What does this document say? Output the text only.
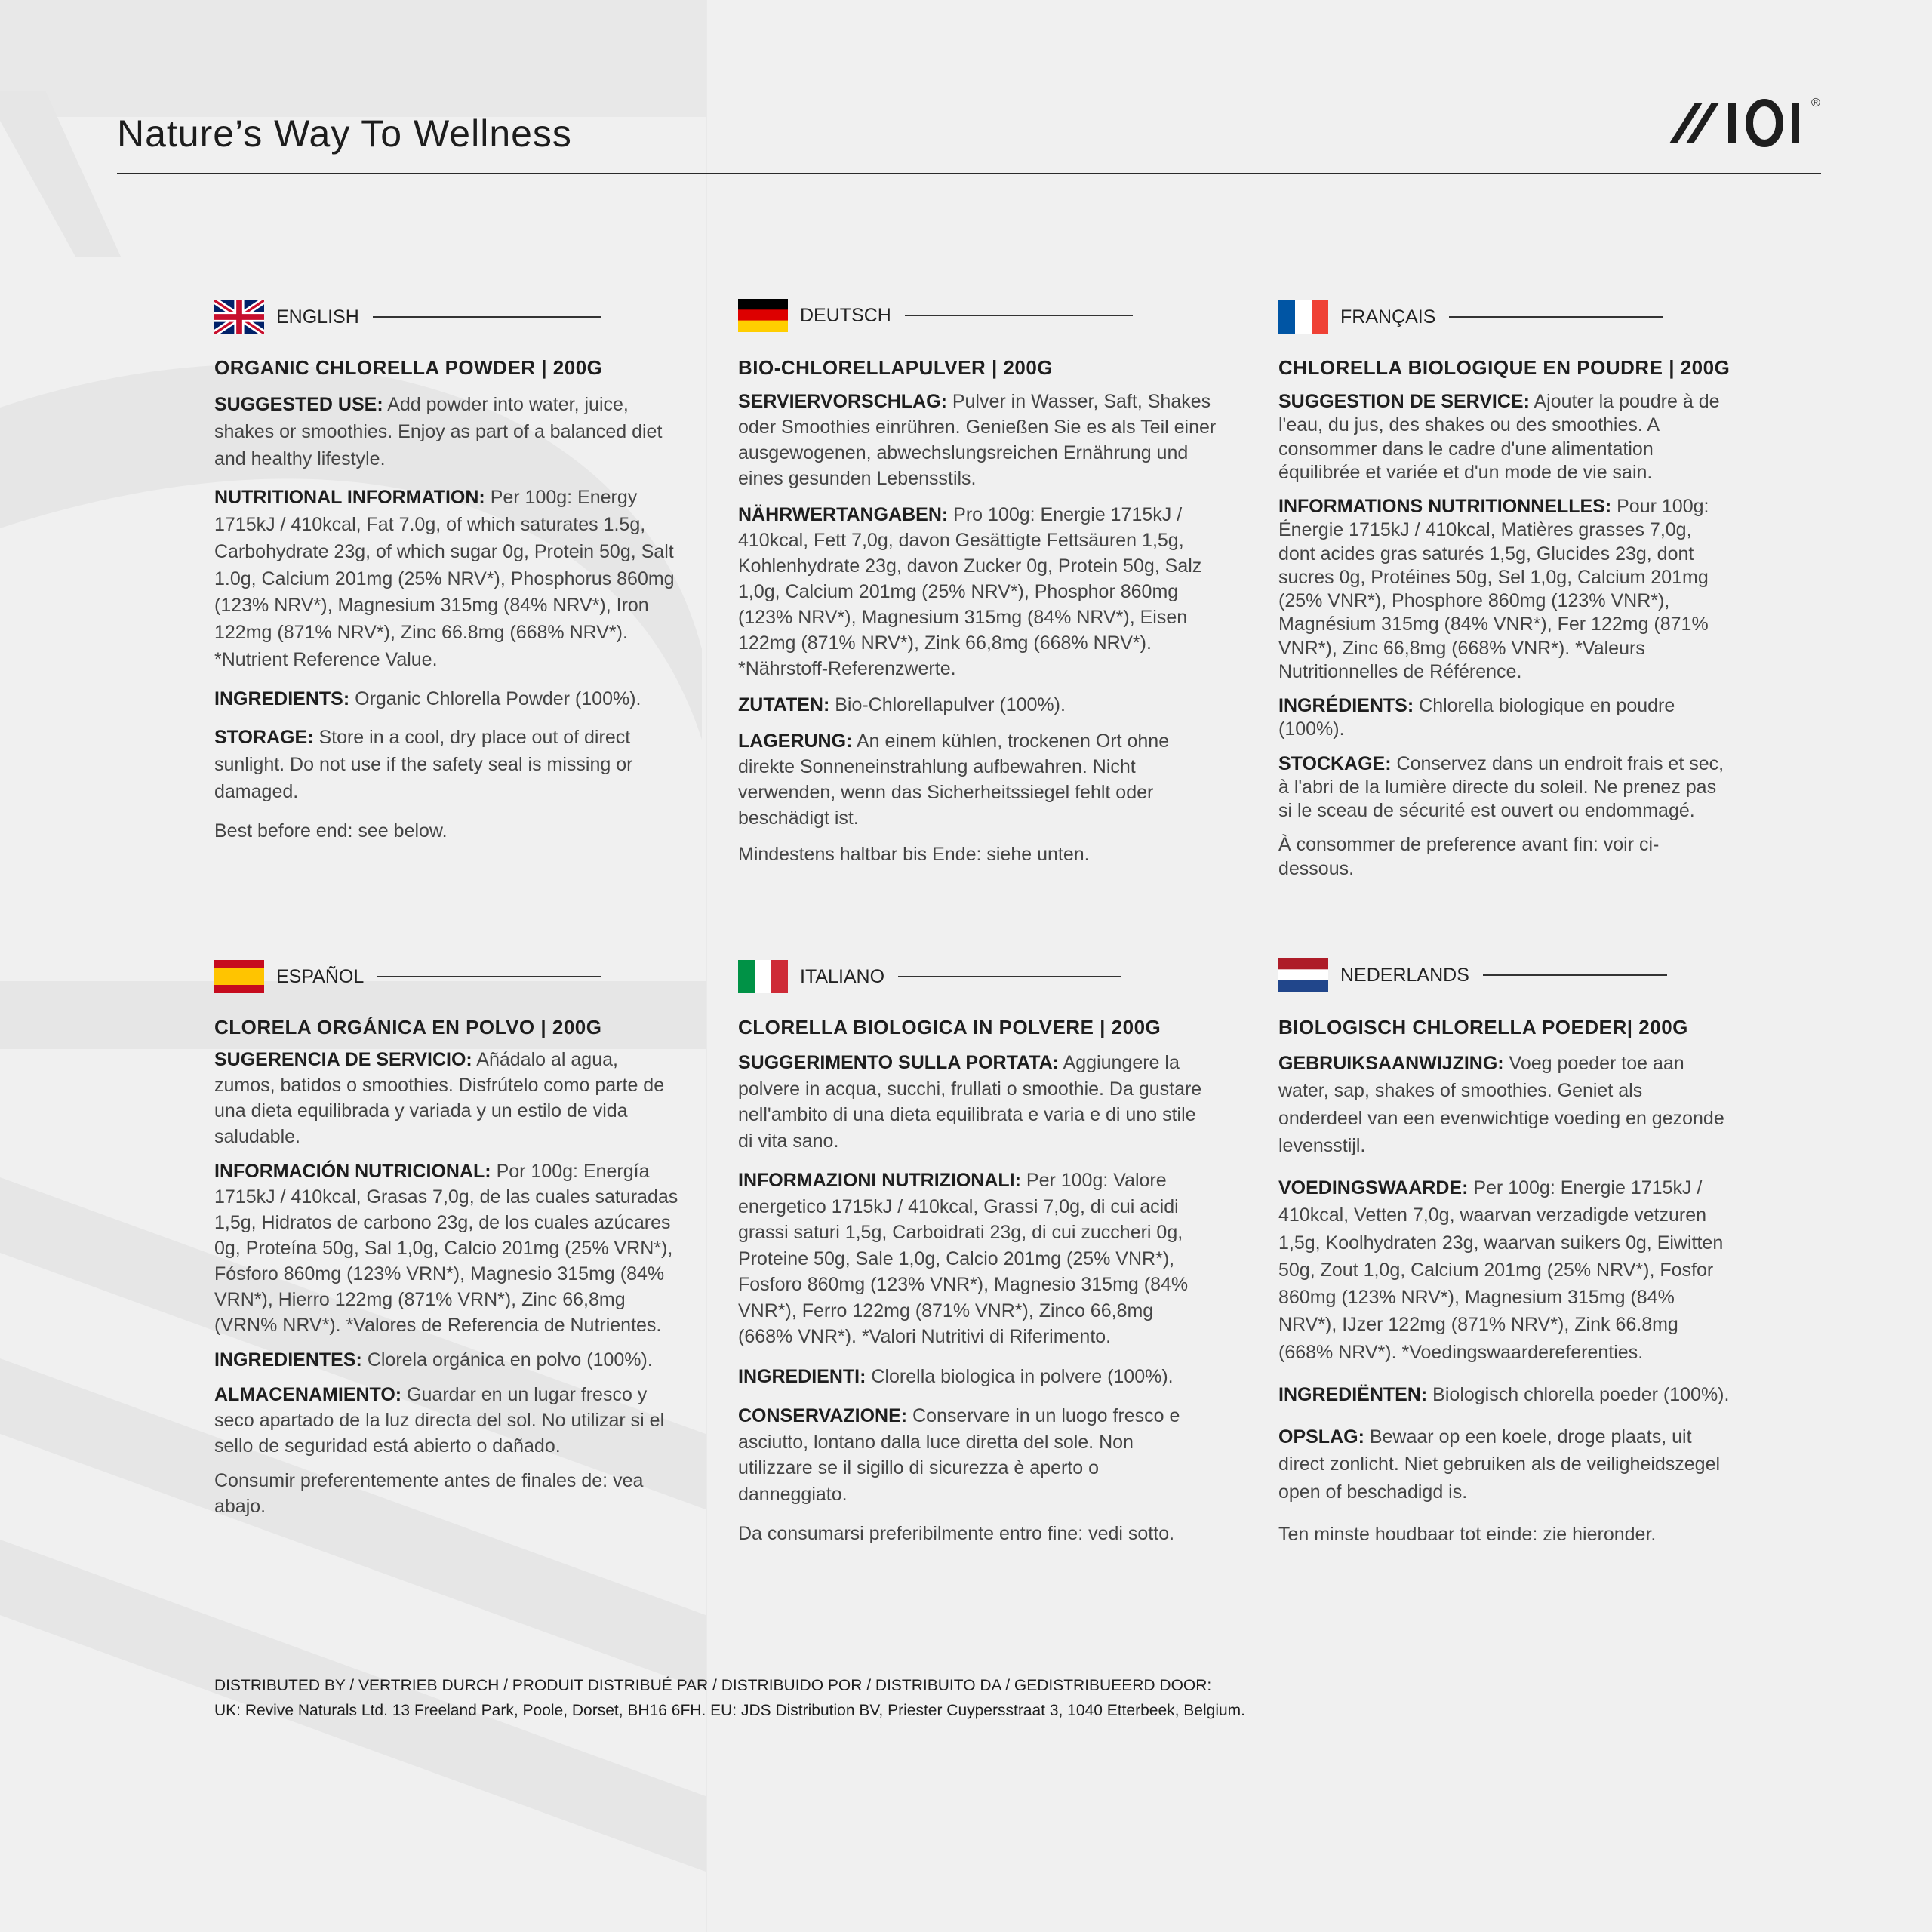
Nature’s Way To Wellness
®
ENGLISH
ORGANIC CHLORELLA POWDER | 200G

SUGGESTED USE: Add powder into water, juice, shakes or smoothies. Enjoy as part of a balanced diet and healthy lifestyle.

NUTRITIONAL INFORMATION: Per 100g: Energy 1715kJ / 410kcal, Fat 7.0g, of which saturates 1.5g, Carbohydrate 23g, of which sugar 0g, Protein 50g, Salt 1.0g, Calcium 201mg (25% NRV*), Phosphorus 860mg (123% NRV*), Magnesium 315mg (84% NRV*), Iron 122mg (871% NRV*), Zinc 66.8mg (668% NRV*). *Nutrient Reference Value.

INGREDIENTS: Organic Chlorella Powder (100%).

STORAGE: Store in a cool, dry place out of direct sunlight. Do not use if the safety seal is missing or damaged.

Best before end: see below.

DEUTSCH
BIO-CHLORELLAPULVER | 200G

SERVIERVORSCHLAG: Pulver in Wasser, Saft, Shakes oder Smoothies einrühren. Genießen Sie es als Teil einer ausgewogenen, abwechslungsreichen Ernährung und eines gesunden Lebensstils.

NÄHRWERTANGABEN: Pro 100g: Energie 1715kJ / 410kcal, Fett 7,0g, davon Gesättigte Fettsäuren 1,5g, Kohlenhydrate 23g, davon Zucker 0g, Protein 50g, Salz 1,0g, Calcium 201mg (25% NRV*), Phosphor 860mg (123% NRV*), Magnesium 315mg (84% NRV*), Eisen 122mg (871% NRV*), Zink 66,8mg (668% NRV*). *Nährstoff-Referenzwerte.

ZUTATEN: Bio-Chlorellapulver (100%).

LAGERUNG: An einem kühlen, trockenen Ort ohne direkte Sonneneinstrahlung aufbewahren. Nicht verwenden, wenn das Sicherheitssiegel fehlt oder beschädigt ist.

Mindestens haltbar bis Ende: siehe unten.

FRANÇAIS
CHLORELLA BIOLOGIQUE EN POUDRE | 200G

SUGGESTION DE SERVICE: Ajouter la poudre à de l'eau, du jus, des shakes ou des smoothies. A consommer dans le cadre d'une alimentation équilibrée et variée et d'un mode de vie sain.

INFORMATIONS NUTRITIONNELLES: Pour 100g: Énergie 1715kJ / 410kcal, Matières grasses 7,0g, dont acides gras saturés 1,5g, Glucides 23g, dont sucres 0g, Protéines 50g, Sel 1,0g, Calcium 201mg (25% VNR*), Phosphore 860mg (123% VNR*), Magnésium 315mg (84% VNR*), Fer 122mg (871% VNR*), Zinc 66,8mg (668% VNR*). *Valeurs Nutritionnelles de Référence.

INGRÉDIENTS: Chlorella biologique en poudre (100%).

STOCKAGE: Conservez dans un endroit frais et sec, à l'abri de la lumière directe du soleil. Ne prenez pas si le sceau de sécurité est ouvert ou endommagé.

À consommer de preference avant fin: voir ci-dessous.

ESPAÑOL
CLORELA ORGÁNICA EN POLVO | 200G

SUGERENCIA DE SERVICIO: Añádalo al agua, zumos, batidos o smoothies. Disfrútelo como parte de una dieta equilibrada y variada y un estilo de vida saludable.

INFORMACIÓN NUTRICIONAL: Por 100g: Energía 1715kJ / 410kcal, Grasas 7,0g, de las cuales saturadas 1,5g, Hidratos de carbono 23g, de los cuales azúcares 0g, Proteína 50g, Sal 1,0g, Calcio 201mg (25% VRN*), Fósforo 860mg (123% VRN*), Magnesio 315mg (84% VRN*), Hierro 122mg (871% VRN*), Zinc 66,8mg (VRN% NRV*). *Valores de Referencia de Nutrientes.

INGREDIENTES: Clorela orgánica en polvo (100%).

ALMACENAMIENTO: Guardar en un lugar fresco y seco apartado de la luz directa del sol. No utilizar si el sello de seguridad está abierto o dañado.

Consumir preferentemente antes de finales de: vea abajo.

ITALIANO
CLORELLA BIOLOGICA IN POLVERE | 200G

SUGGERIMENTO SULLA PORTATA: Aggiungere la polvere in acqua, succhi, frullati o smoothie. Da gustare nell'ambito di una dieta equilibrata e varia e di uno stile di vita sano.

INFORMAZIONI NUTRIZIONALI: Per 100g: Valore energetico 1715kJ / 410kcal, Grassi 7,0g, di cui acidi grassi saturi 1,5g, Carboidrati 23g, di cui zuccheri 0g, Proteine 50g, Sale 1,0g, Calcio 201mg (25% VNR*), Fosforo 860mg (123% VNR*), Magnesio 315mg (84% VNR*), Ferro 122mg (871% VNR*), Zinco 66,8mg (668% VNR*). *Valori Nutritivi di Riferimento.

INGREDIENTI: Clorella biologica in polvere (100%).

CONSERVAZIONE: Conservare in un luogo fresco e asciutto, lontano dalla luce diretta del sole. Non utilizzare se il sigillo di sicurezza è aperto o danneggiato.

Da consumarsi preferibilmente entro fine: vedi sotto.

NEDERLANDS
BIOLOGISCH CHLORELLA POEDER| 200G

GEBRUIKSAANWIJZING: Voeg poeder toe aan water, sap, shakes of smoothies. Geniet als onderdeel van een evenwichtige voeding en gezonde levensstijl.

VOEDINGSWAARDE: Per 100g: Energie 1715kJ / 410kcal, Vetten 7,0g, waarvan verzadigde vetzuren 1,5g, Koolhydraten 23g, waarvan suikers 0g, Eiwitten 50g, Zout 1,0g, Calcium 201mg (25% NRV*), Fosfor 860mg (123% NRV*), Magnesium 315mg (84% NRV*), IJzer 122mg (871% NRV*), Zink 66.8mg (668% NRV*). *Voedingswaardereferenties.

INGREDIËNTEN: Biologisch chlorella poeder (100%).

OPSLAG: Bewaar op een koele, droge plaats, uit direct zonlicht. Niet gebruiken als de veiligheidszegel open of beschadigd is.

Ten minste houdbaar tot einde: zie hieronder.

DISTRIBUTED BY / VERTRIEB DURCH / PRODUIT DISTRIBUÉ PAR / DISTRIBUIDO POR / DISTRIBUITO DA / GEDISTRIBUEERD DOOR:
UK: Revive Naturals Ltd. 13 Freeland Park, Poole, Dorset, BH16 6FH. EU: JDS Distribution BV, Priester Cuypersstraat 3, 1040 Etterbeek, Belgium.
